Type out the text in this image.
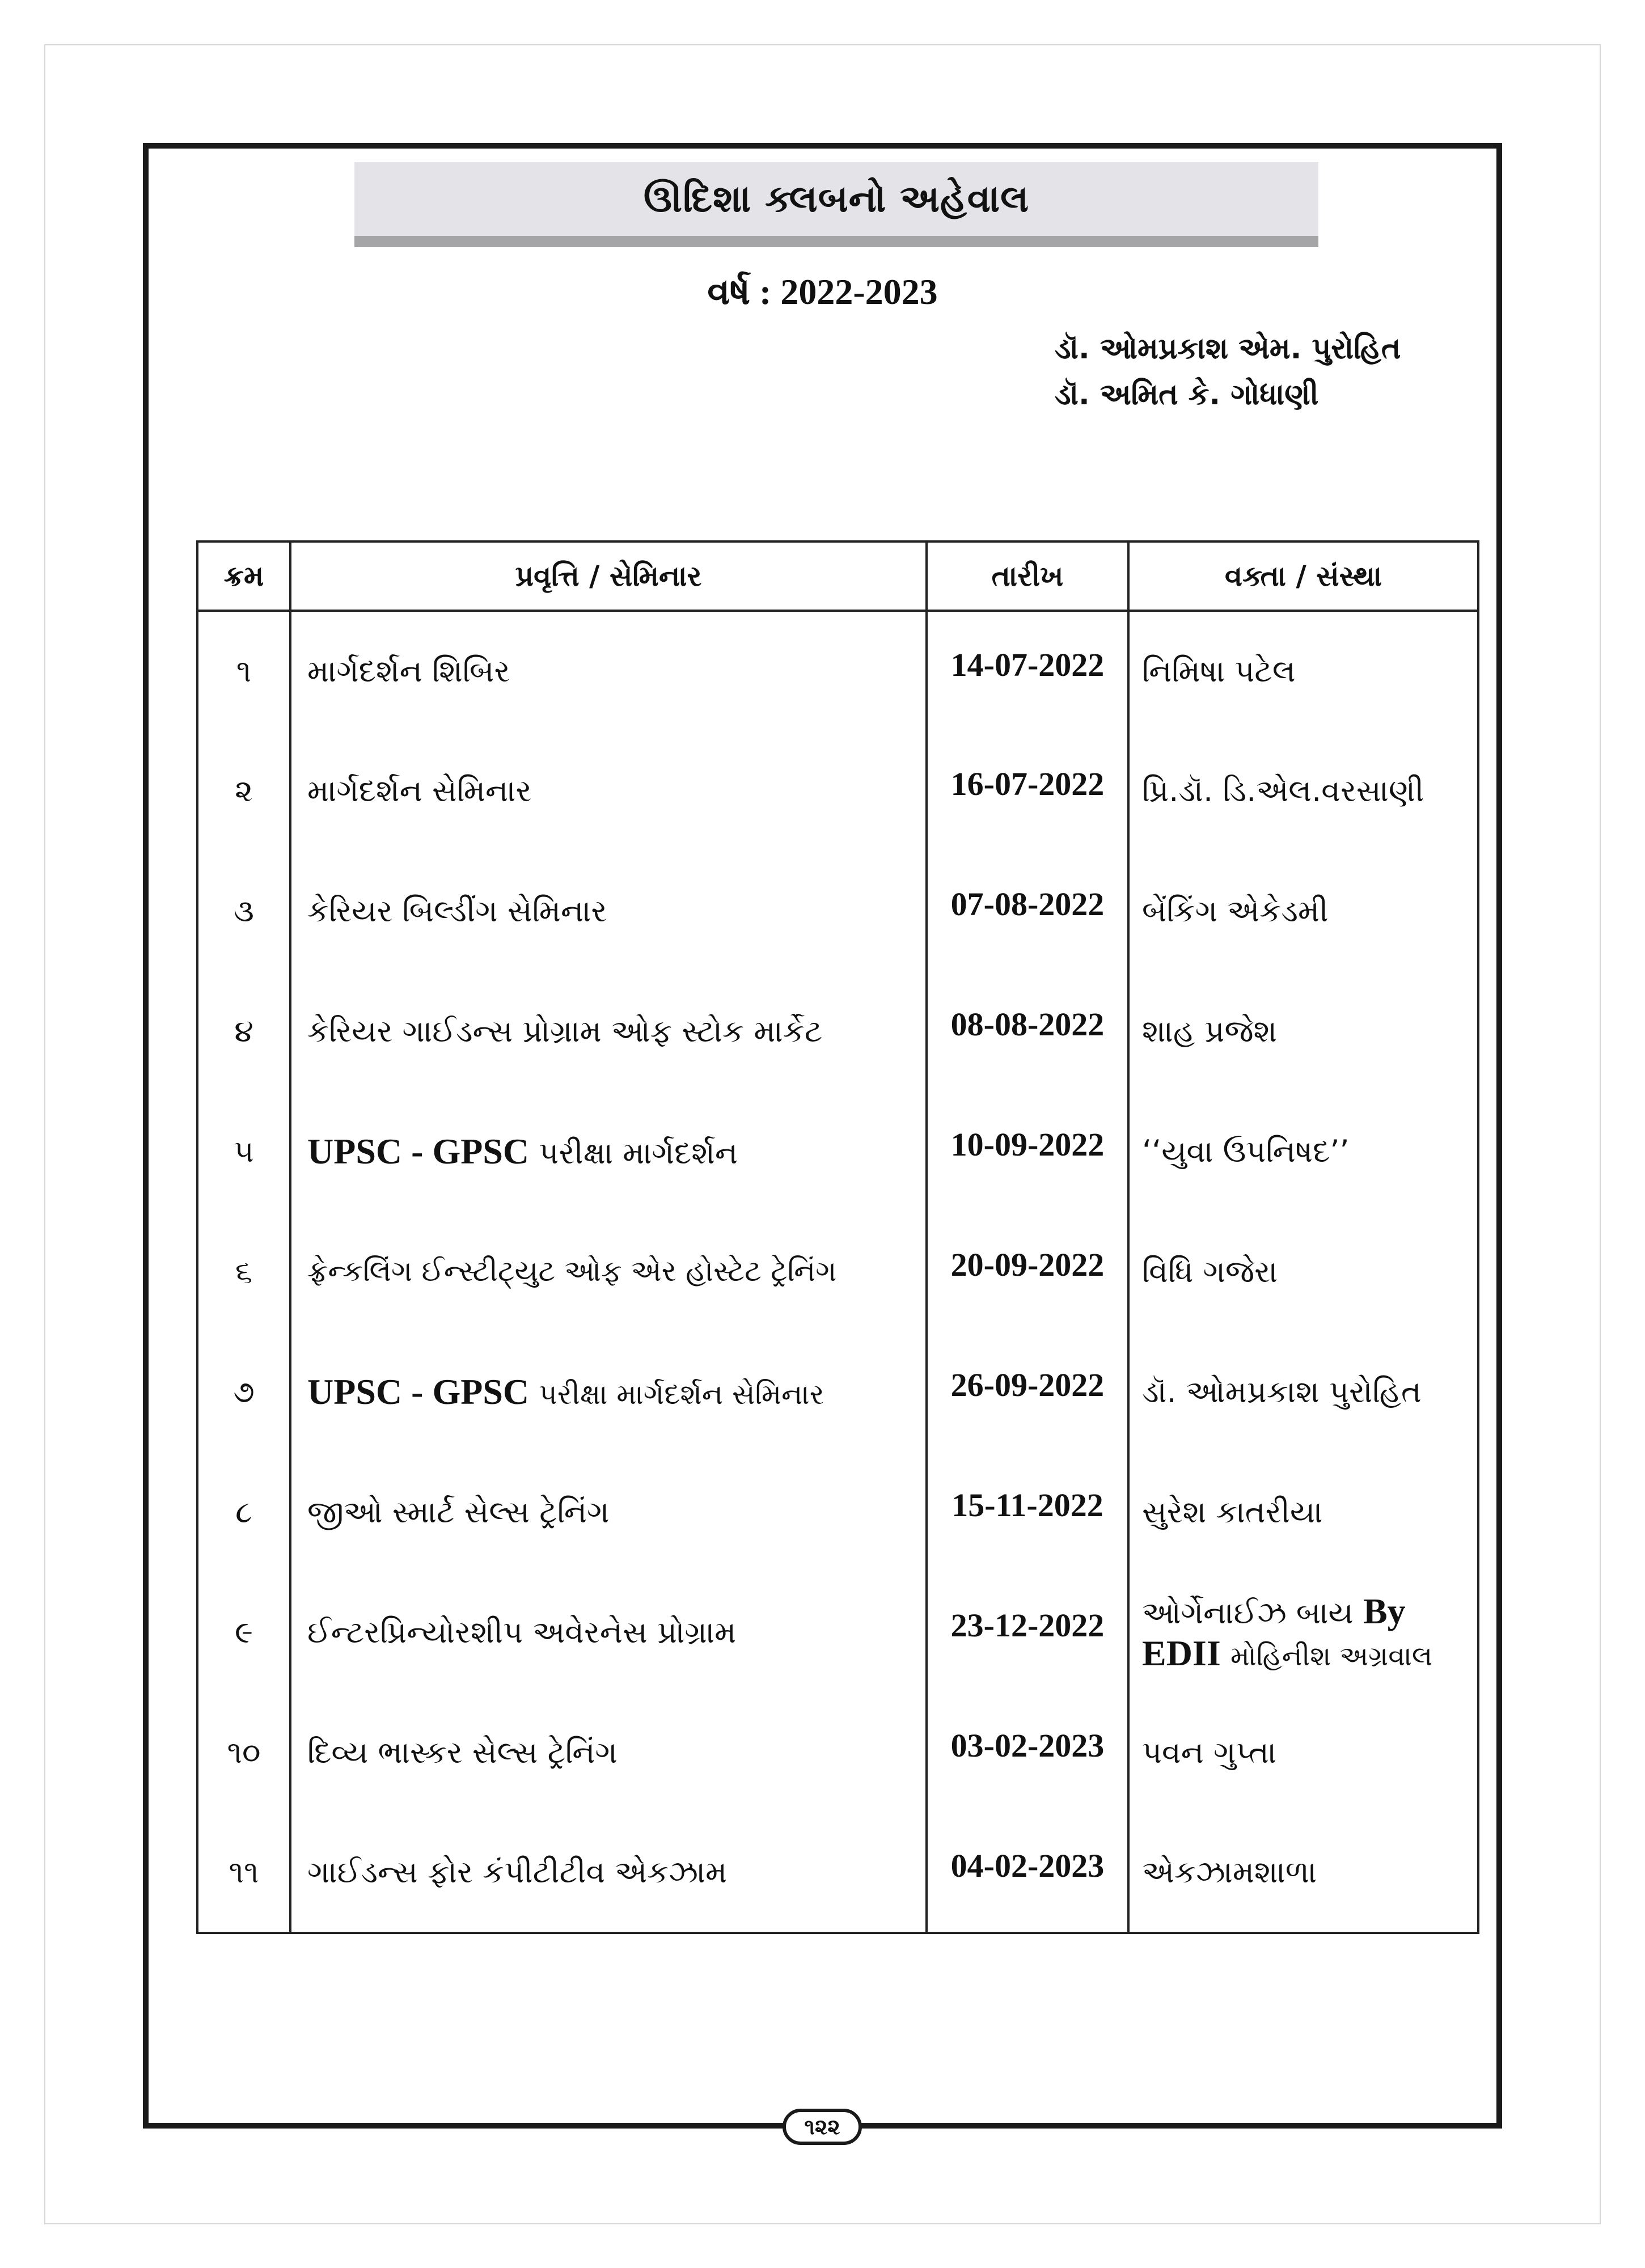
ઊદિશા ક્લબનો અહેવાલ
વર્ષ : 2022-2023
ડૉ. ઓમપ્રકાશ એમ. પુરોહિત
ડૉ. અમિત કે. ગોધાણી
ક્રમ	પ્રવૃત્તિ / સેમિનાર	તારીખ	વક્તા / સંસ્થા
૧	માર્ગદર્શન શિબિર	14-07-2022	નિમિષા પટેલ
૨	માર્ગદર્શન સેમિનાર	16-07-2022	પ્રિ.ડૉ. ડિ.એલ.વરસાણી
૩	કેરિયર બિલ્ડીંગ સેમિનાર	07-08-2022	બેંકિંગ એકેડમી
૪	કેરિયર ગાઈડન્સ પ્રોગ્રામ ઓફ સ્ટોક માર્કેટ	08-08-2022	શાહ પ્રજેશ
૫	UPSC - GPSC પરીક્ષા માર્ગદર્શન	10-09-2022	‘‘યુવા ઉપનિષદ’’
૬	ફ્રેન્કલિંગ ઈન્સ્ટીટ્યુટ ઓફ એર હોસ્ટેટ ટ્રેનિંગ	20-09-2022	વિધિ ગજેરા
૭	UPSC - GPSC પરીક્ષા માર્ગદર્શન સેમિનાર	26-09-2022	ડૉ. ઓમપ્રકાશ પુરોહિત
૮	જીઓ સ્માર્ટ સેલ્સ ટ્રેનિંગ	15-11-2022	સુરેશ કાતરીયા
૯	ઈન્ટરપ્રિન્યોરશીપ અવેરનેસ પ્રોગ્રામ	23-12-2022	ઓર્ગેનાઈઝ બાય By
EDII મોહિનીશ અગ્રવાલ

૧૦	દિવ્ય ભાસ્કર સેલ્સ ટ્રેનિંગ	03-02-2023	પવન ગુપ્તા
૧૧	ગાઈડન્સ ફોર કંપીટીટીવ એકઝામ	04-02-2023	એકઝામશાળા
૧૨૨
